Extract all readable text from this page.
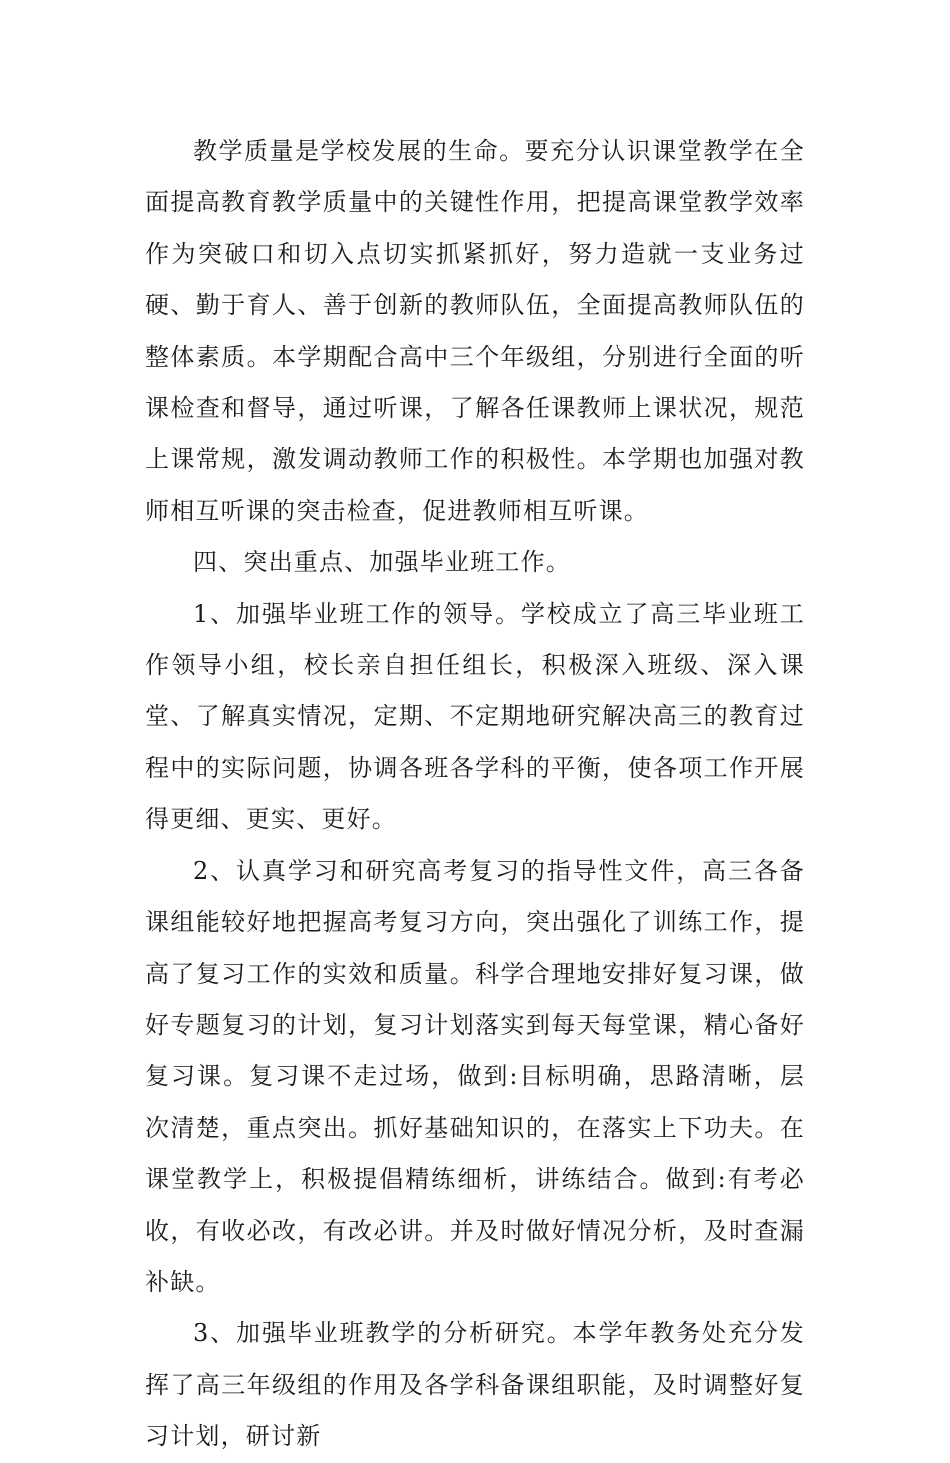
教学质量是学校发展的生命。要充分认识课堂教学在全面提高教育教学质量中的关键性作用，把提高课堂教学效率作为突破口和切入点切实抓紧抓好，努力造就一支业务过硬、勤于育人、善于创新的教师队伍，全面提高教师队伍的整体素质。本学期配合高中三个年级组，分别进行全面的听课检查和督导，通过听课，了解各任课教师上课状况，规范上课常规，激发调动教师工作的积极性。本学期也加强对教师相互听课的突击检查，促进教师相互听课。

四、突出重点、加强毕业班工作。

1、加强毕业班工作的领导。学校成立了高三毕业班工作领导小组，校长亲自担任组长，积极深入班级、深入课堂、了解真实情况，定期、不定期地研究解决高三的教育过程中的实际问题，协调各班各学科的平衡，使各项工作开展得更细、更实、更好。

2、认真学习和研究高考复习的指导性文件，高三各备课组能较好地把握高考复习方向，突出强化了训练工作，提高了复习工作的实效和质量。科学合理地安排好复习课，做好专题复习的计划，复习计划落实到每天每堂课，精心备好复习课。复习课不走过场，做到:目标明确，思路清晰，层次清楚，重点突出。抓好基础知识的，在落实上下功夫。在课堂教学上，积极提倡精练细析，讲练结合。做到:有考必收，有收必改，有改必讲。并及时做好情况分析，及时查漏补缺。

3、加强毕业班教学的分析研究。本学年教务处充分发挥了高三年级组的作用及各学科备课组职能，及时调整好复习计划，研讨新
